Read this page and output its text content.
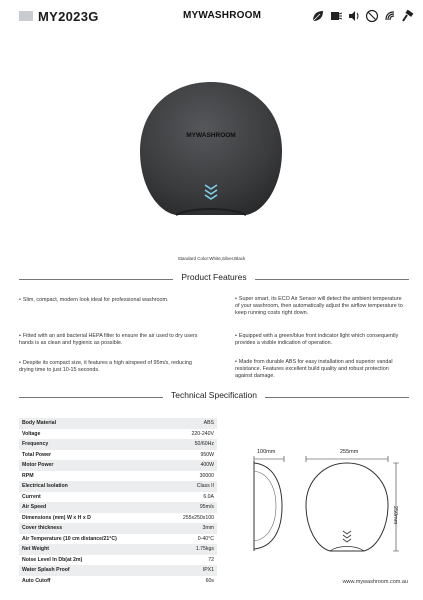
MY2023G	MYWASHROOM
MYWASHROOM
Standard Color:White,Silver,Black
Product Features
• Slim, compact, modern look ideal for professional washroom.
• Fitted with an anti bacterial HEPA filter to ensure the air used to dry users hands is as clean and hygienic as possible.
• Despite its compact size, it features a high airspeed of 95m/s, reducing drying time to just 10-15 seconds.
• Super smart, its ECO Air Sensor will detect the ambient temperature of your washroom, then automatically adjust the airflow temperature to keep running costs right down.
• Equipped with a green/blue front indicator light which consequently provides a visible indication of operation.
• Made from durable ABS for easy installation and superior vandal resistance. Features excellent build quality and robust protection against damage.
Technical Specification
Body Material	ABS
Voltage	220-240V
Frequency	50/60Hz
Total Power	950W
Motor Power	400W
RPM	30000
Electrical Isolation	Class II
Current	6.0A
Air Speed	95m/s
Dimensions (mm) W x H x D	255x250x100
Cover thickness	3mm
Air Temperature (10 cm distance/21°C)	0-40°C
Net Weight	1.75kgs
Noise Level In Db(at 2m)	72
Water Splash Proof	IPX1
Auto Cutoff	60s
100mm	255mm
250mm
www.mywashroom.com.au
